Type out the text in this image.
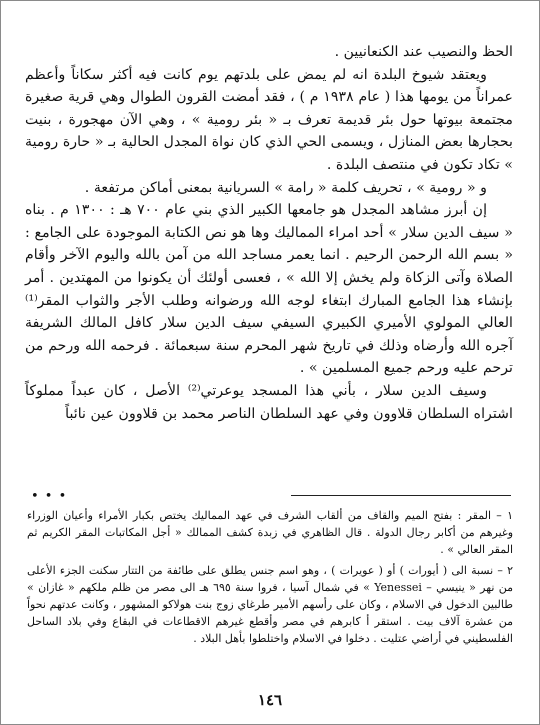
الحظ والنصيب عند الكنعانيين .

ويعتقد شيوخ البلدة انه لم يمض على بلدتهم يوم كانت فيه أكثر سكاناً وأعظم عمراناً من يومها هذا ( عام ١٩٣٨ م ) ، فقد أمضت القرون الطوال وهي قرية صغيرة مجتمعة بيوتها حول بئر قديمة تعرف بـ « بئر رومية » ، وهي الآن مهجورة ، بنيت بحجارها بعض المنازل ، ويسمى الحي الذي كان نواة المجدل الحالية بـ « حارة رومية » تكاد تكون في منتصف البلدة .

و « رومية » ، تحريف كلمة « رامة » السريانية بمعنى أماكن مرتفعة .

إن أبرز مشاهد المجدل هو جامعها الكبير الذي بني عام ٧٠٠ هـ : ١٣٠٠ م . بناه « سيف الدين سلار » أحد امراء المماليك وها هو نص الكتابة الموجودة على الجامع : « بسم الله الرحمن الرحيم . انما يعمر مساجد الله من آمن بالله واليوم الآخر وأقام الصلاة وآتى الزكاة ولم يخش إلا الله » ، فعسى أولئك أن يكونوا من المهتدين . أمر بإنشاء هذا الجامع المبارك ابتغاء لوجه الله ورضوانه وطلب الأجر والثواب المقر⁽¹⁾ العالي المولوي الأميري الكبيري السيفي سيف الدين سلار كافل المالك الشريفة آجره الله وأرضاه وذلك في تاريخ شهر المحرم سنة سبعمائة . فرحمه الله ورحم من ترحم عليه ورحم جميع المسلمين » .

وسيف الدين سلار ، بأني هذا المسجد يوعرتي⁽²⁾ الأصل ، كان عبداً مملوكاً اشتراه السلطان قلاوون وفي عهد السلطان الناصر محمد بن قلاوون عين نائباً

• • •

١ – المقر : بفتح الميم والقاف من ألقاب الشرف في عهد المماليك يختص بكبار الأمراء وأعيان الوزراء وغيرهم من أكابر رجال الدولة . قال الظاهري في زبدة كشف الممالك « أجل المكاتبات المقر الكريم ثم المقر العالي » .

٢ – نسبة الى ( أيورات ) أو ( عويرات ) ، وهو اسم جنس يطلق على طائفة من التتار سكنت الجزء الأعلى من نهر « ينيسي – Yenessei » في شمال آسيا ، فروا سنة ٦٩٥ هـ الى مصر من ظلم ملكهم « غازان » طالبين الدخول في الاسلام ، وكان على رأسهم الأمير طرغاي زوج بنت هولاكو المشهور ، وكانت عدتهم نحواً من عشرة آلاف بيت . استقر أ كابرهم في مصر وأقطع غيرهم الاقطاعات في البقاع وفي بلاد الساحل الفلسطيني في أراضي عتليت . دخلوا في الاسلام واختلطوا بأهل البلاد .

١٤٦
